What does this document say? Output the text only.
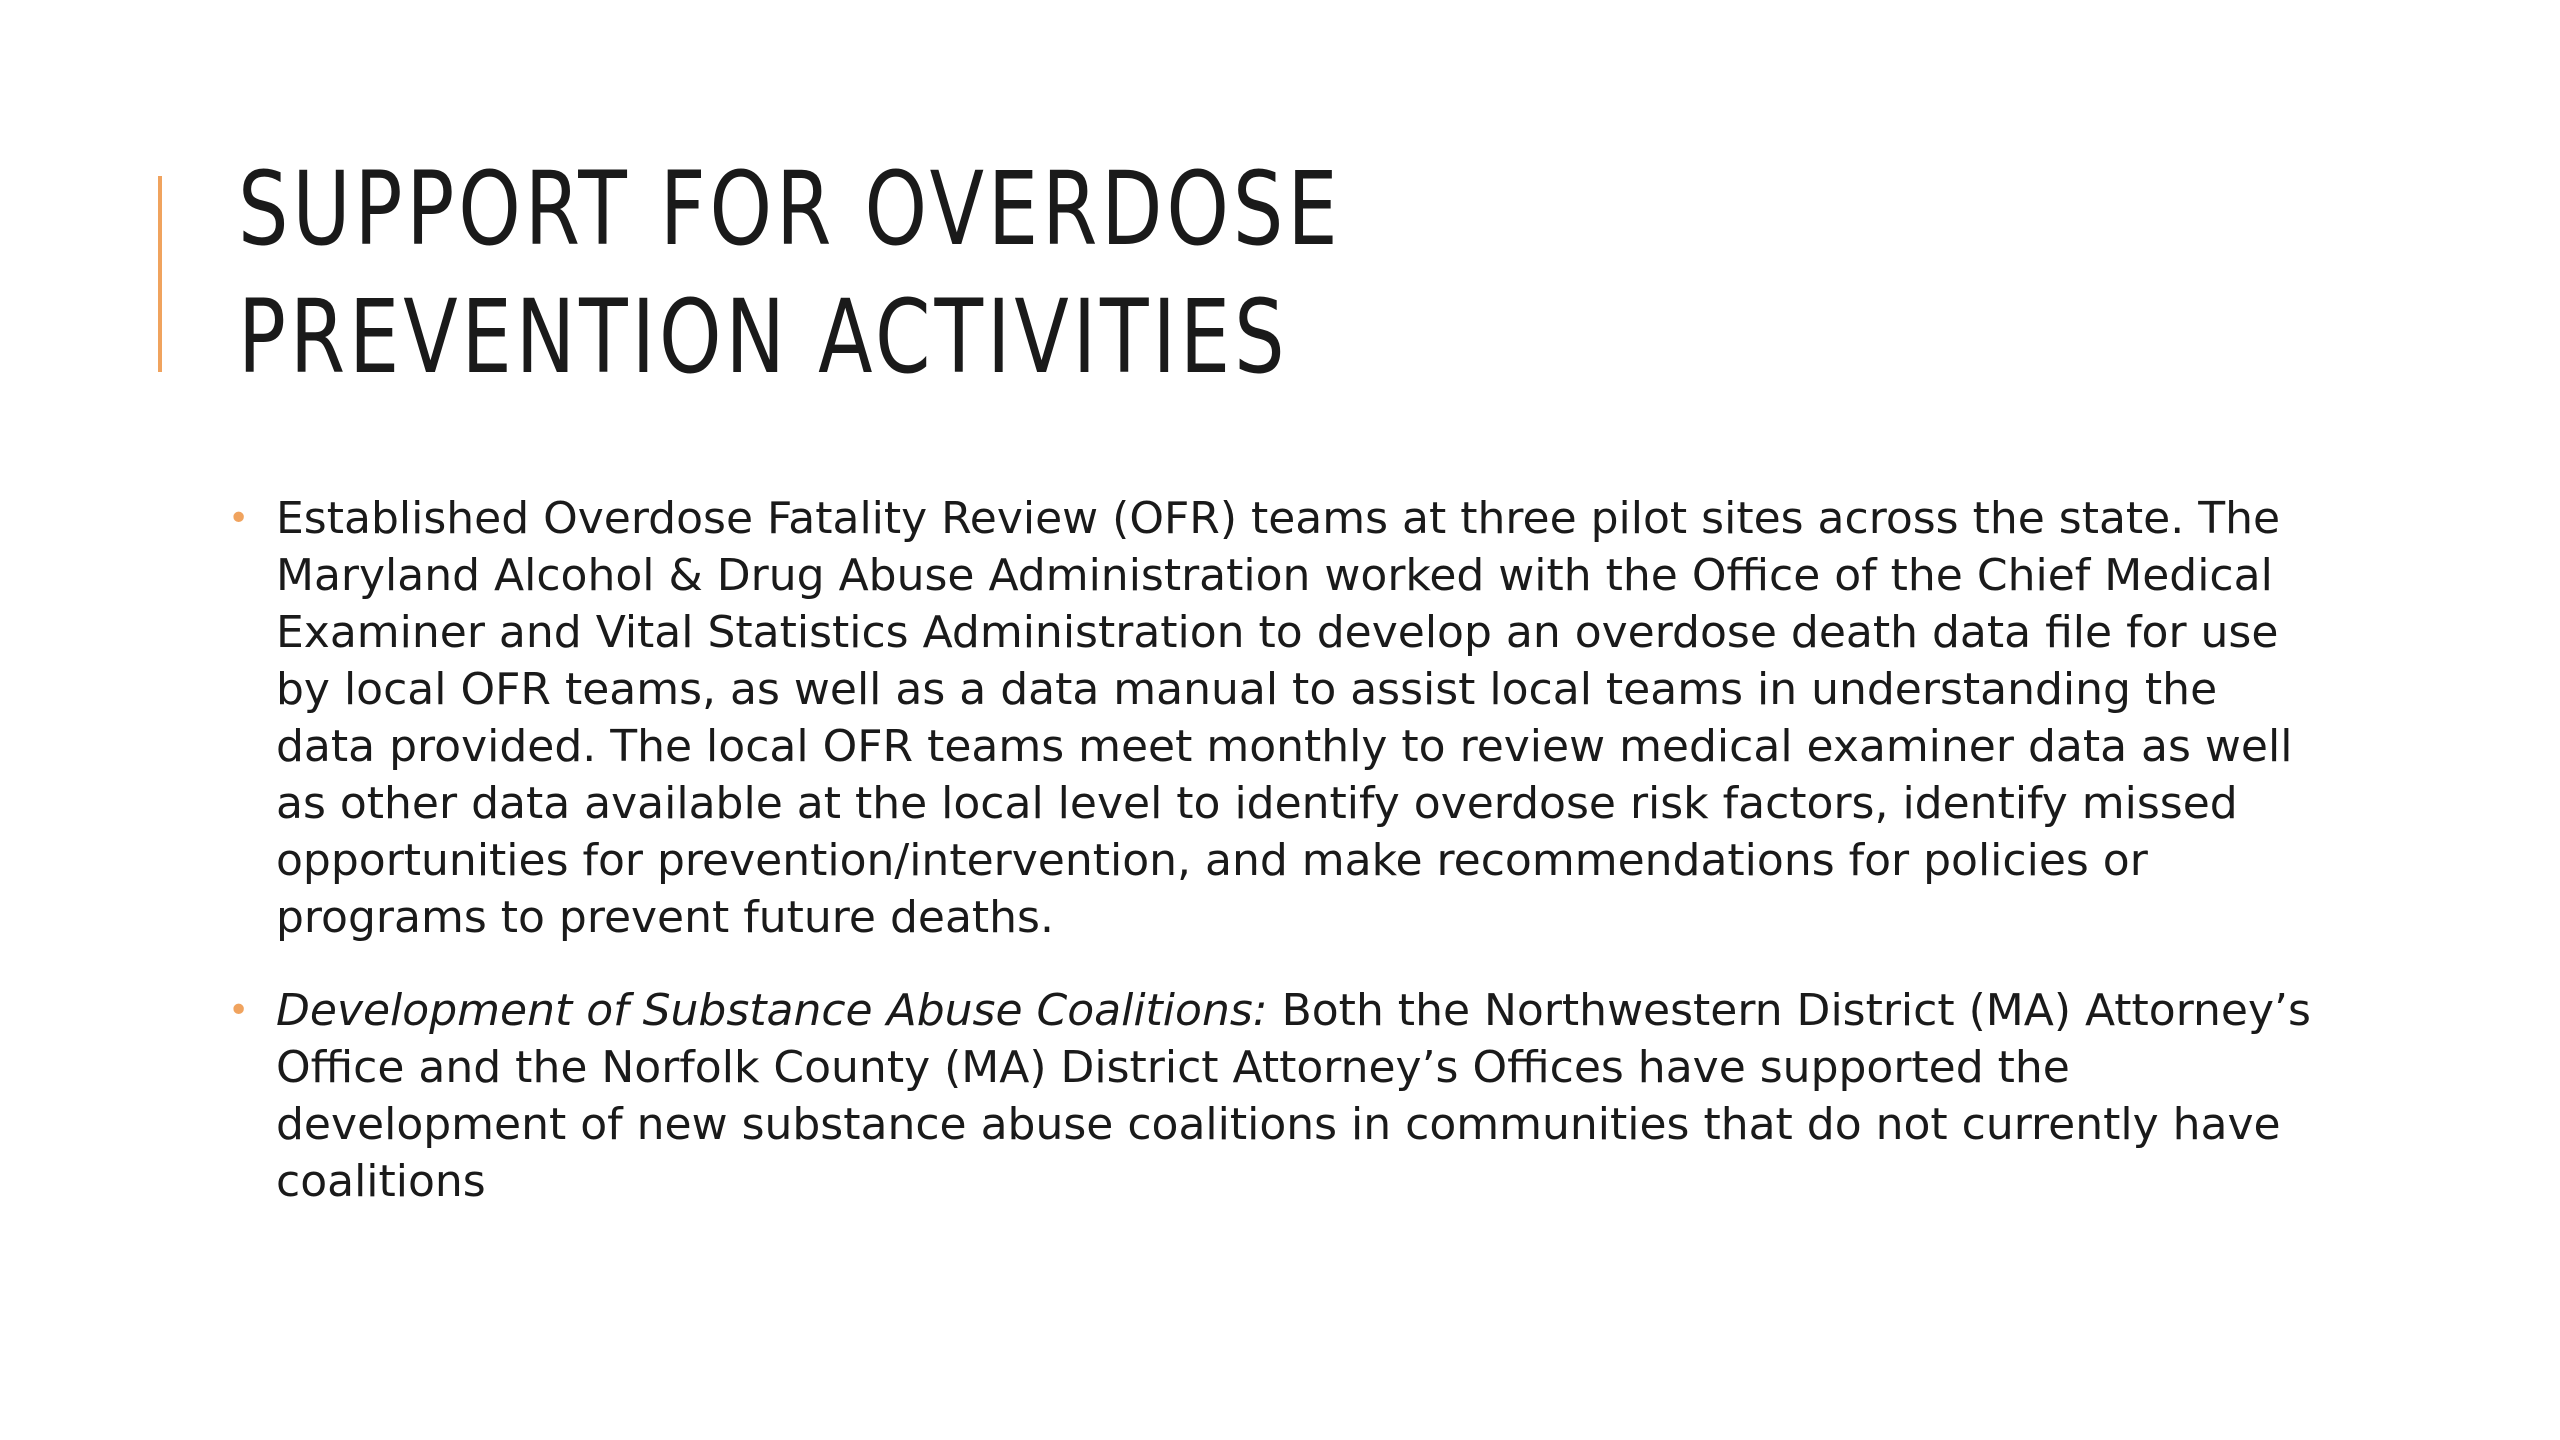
SUPPORT FOR OVERDOSE PREVENTION ACTIVITIES
• Established Overdose Fatality Review (OFR) teams at three pilot sites across the state. The Maryland Alcohol & Drug Abuse Administration worked with the Office of the Chief Medical Examiner and Vital Statistics Administration to develop an overdose death data file for use by local OFR teams, as well as a data manual to assist local teams in understanding the data provided. The local OFR teams meet monthly to review medical examiner data as well as other data available at the local level to identify overdose risk factors, identify missed opportunities for prevention/intervention, and make recommendations for policies or programs to prevent future deaths.
• Development of Substance Abuse Coalitions: Both the Northwestern District (MA) Attorney’s Office and the Norfolk County (MA) District Attorney’s Offices have supported the development of new substance abuse coalitions in communities that do not currently have coalitions
